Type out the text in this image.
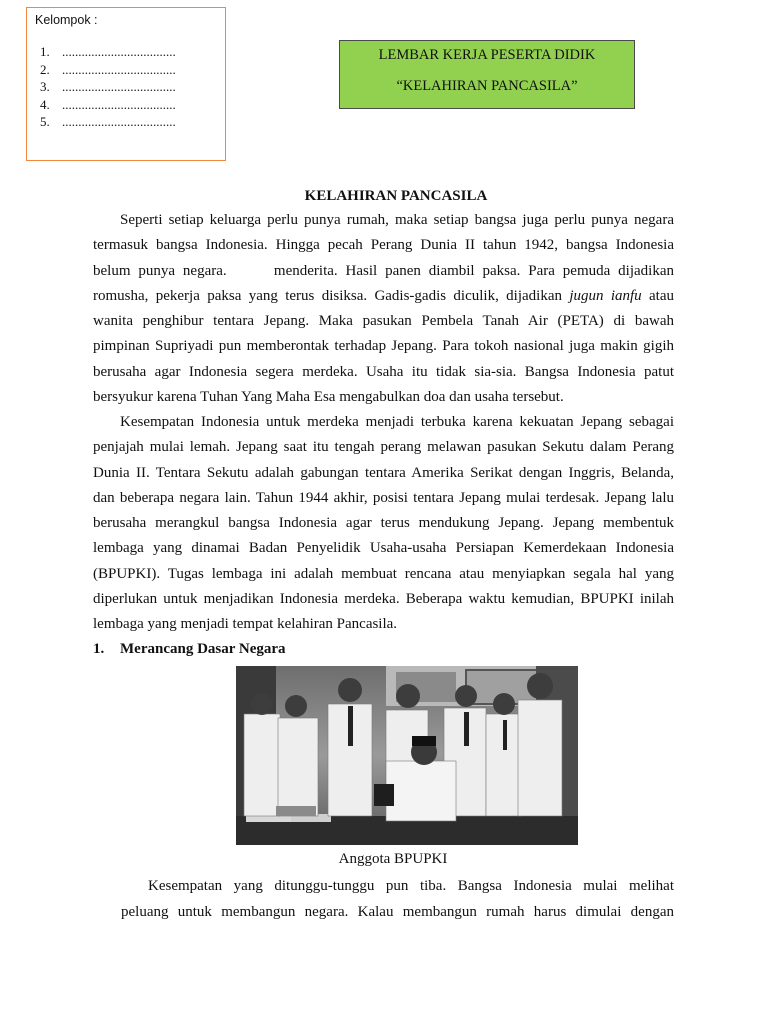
Kelompok :
1. ...................................
2. ...................................
3. ...................................
4. ...................................
5. ...................................
LEMBAR KERJA PESERTA DIDIK
“KELAHIRAN PANCASILA”
KELAHIRAN PANCASILA
Seperti setiap keluarga perlu punya rumah, maka setiap bangsa juga perlu punya negara
termasuk bangsa Indonesia. Hingga pecah Perang Dunia II tahun 1942, bangsa Indonesia
belum punya negara.      menderita. Hasil panen diambil paksa. Para pemuda dijadikan
romusha, pekerja paksa yang terus disiksa. Gadis-gadis diculik, dijadikan jugun ianfu atau
wanita penghibur tentara Jepang. Maka pasukan Pembela Tanah Air (PETA) di bawah
pimpinan Supriyadi pun memberontak terhadap Jepang. Para tokoh nasional juga makin gigih
berusaha agar Indonesia segera merdeka. Usaha itu tidak sia-sia. Bangsa Indonesia patut
bersyukur karena Tuhan Yang Maha Esa mengabulkan doa dan usaha tersebut.
Kesempatan Indonesia untuk merdeka menjadi terbuka karena kekuatan Jepang sebagai
penjajah mulai lemah. Jepang saat itu tengah perang melawan pasukan Sekutu dalam Perang
Dunia II. Tentara Sekutu adalah gabungan tentara Amerika Serikat dengan Inggris, Belanda,
dan beberapa negara lain. Tahun 1944 akhir, posisi tentara Jepang mulai terdesak. Jepang lalu
berusaha merangkul bangsa Indonesia agar terus mendukung Jepang. Jepang membentuk
lembaga yang dinamai Badan Penyelidik Usaha-usaha Persiapan Kemerdekaan Indonesia
(BPUPKI). Tugas lembaga ini adalah membuat rencana atau menyiapkan segala hal yang
diperlukan untuk menjadikan Indonesia merdeka. Beberapa waktu kemudian, BPUPKI inilah
lembaga yang menjadi tempat kelahiran Pancasila.
1. Merancang Dasar Negara
Anggota BPUPKI
Kesempatan yang ditunggu-tunggu pun tiba. Bangsa Indonesia mulai melihat
peluang untuk membangun negara. Kalau membangun rumah harus dimulai dengan
